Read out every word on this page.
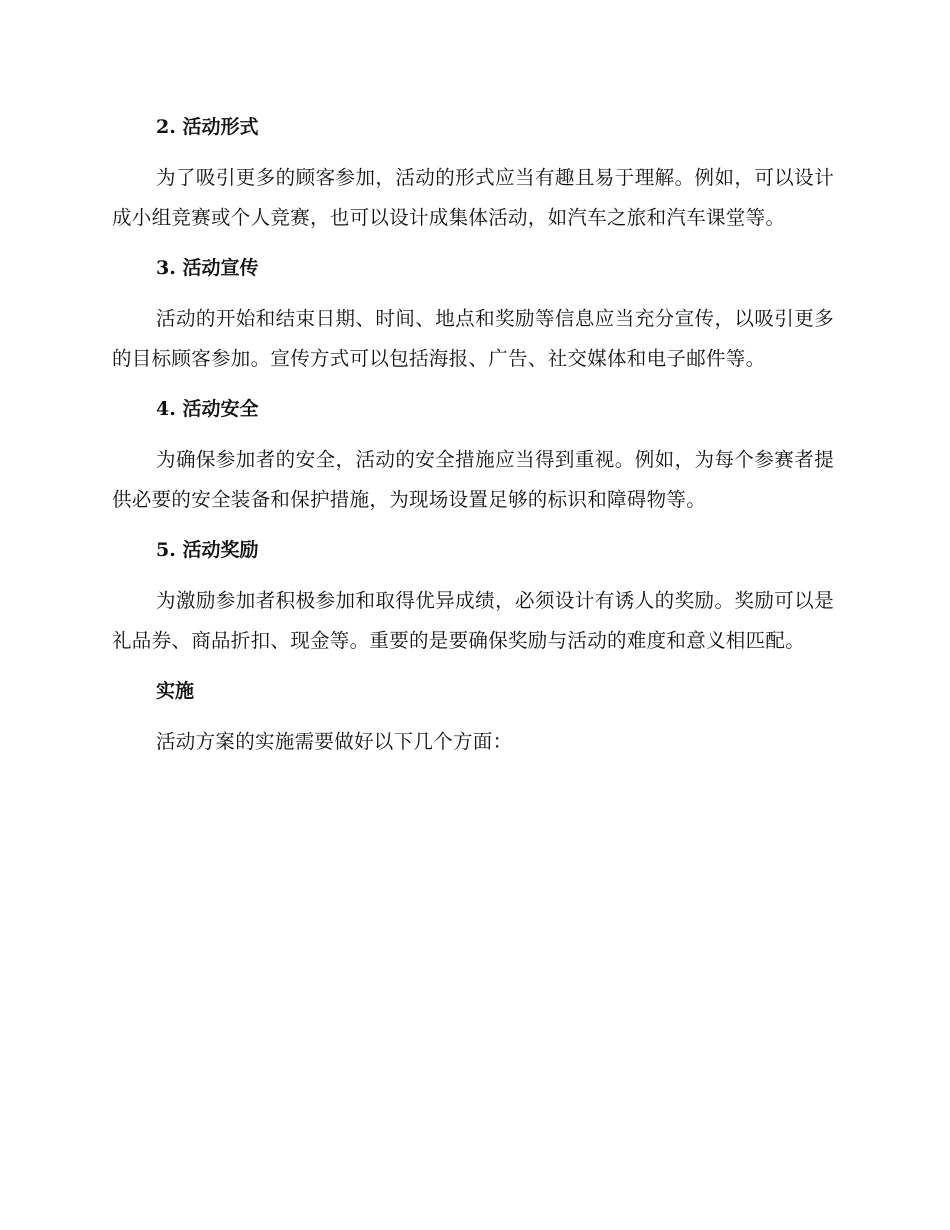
2. 活动形式
为了吸引更多的顾客参加，活动的形式应当有趣且易于理解。例如，可以设计成小组竞赛或个人竞赛，也可以设计成集体活动，如汽车之旅和汽车课堂等。
3. 活动宣传
活动的开始和结束日期、时间、地点和奖励等信息应当充分宣传，以吸引更多的目标顾客参加。宣传方式可以包括海报、广告、社交媒体和电子邮件等。
4. 活动安全
为确保参加者的安全，活动的安全措施应当得到重视。例如，为每个参赛者提供必要的安全装备和保护措施，为现场设置足够的标识和障碍物等。
5. 活动奖励
为激励参加者积极参加和取得优异成绩，必须设计有诱人的奖励。奖励可以是礼品券、商品折扣、现金等。重要的是要确保奖励与活动的难度和意义相匹配。
实施
活动方案的实施需要做好以下几个方面：
